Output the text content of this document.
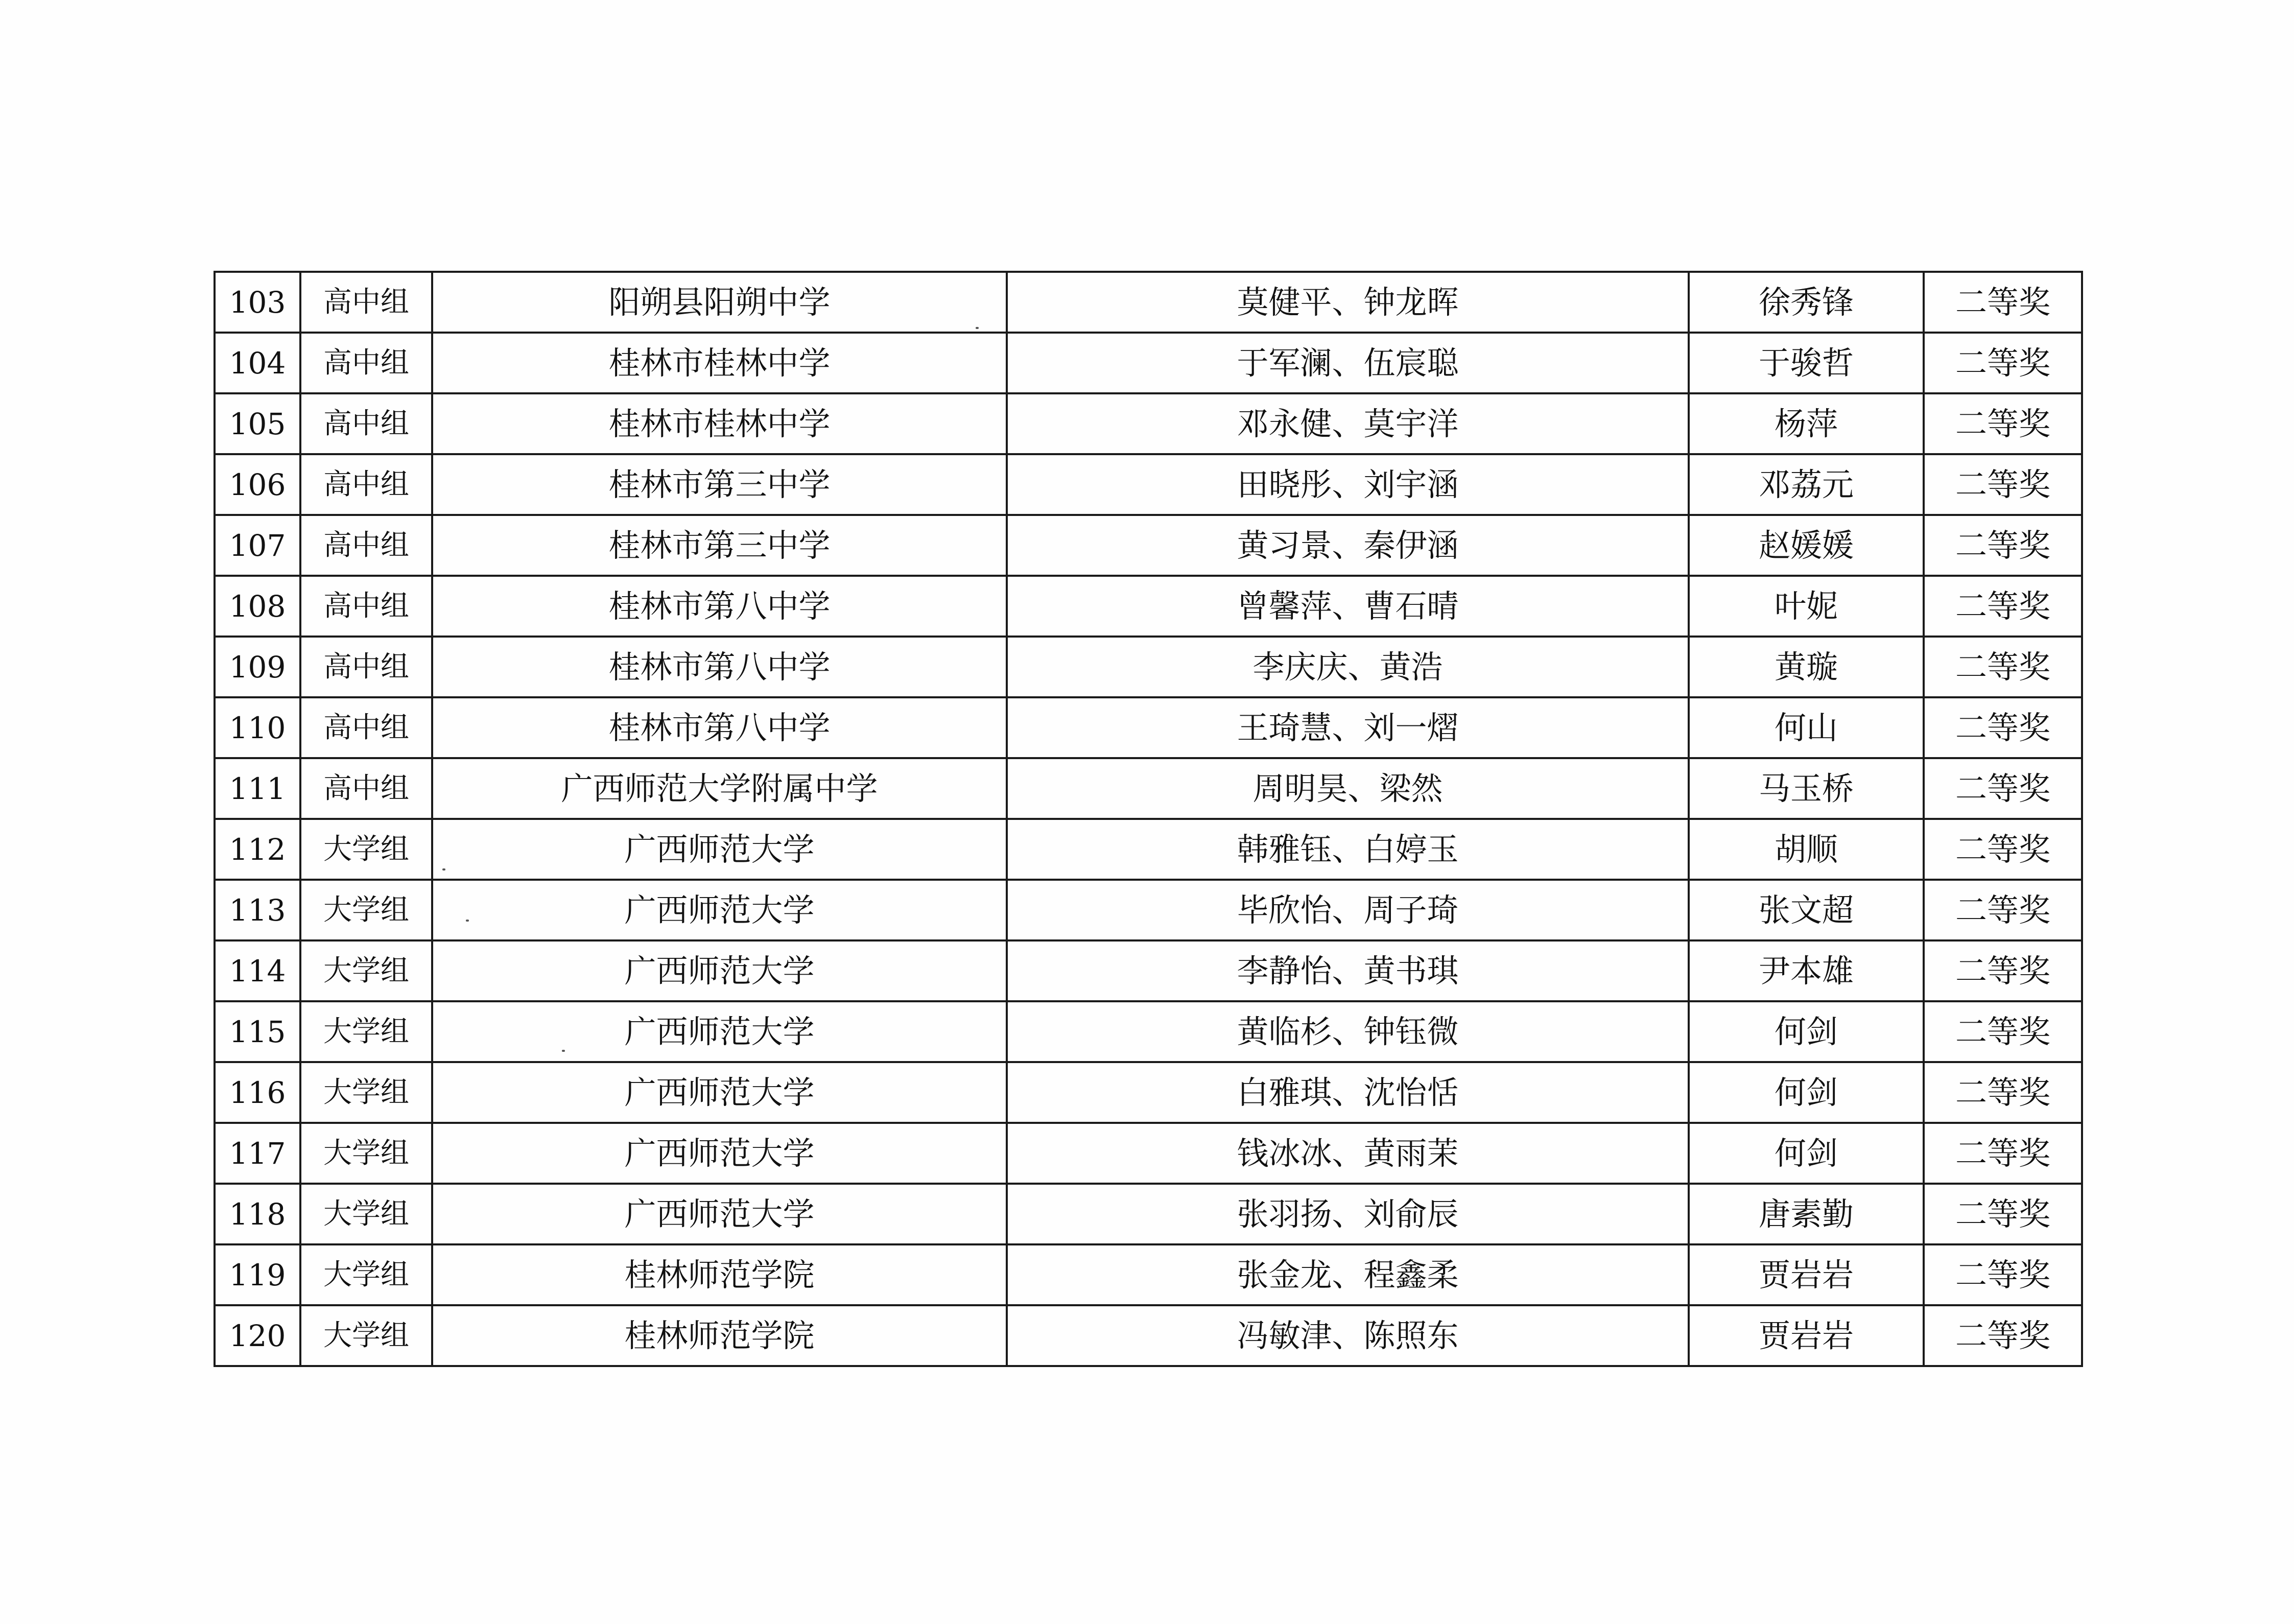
103	高中组	阳朔县阳朔中学	莫健平、钟龙晖	徐秀锋	二等奖
104	高中组	桂林市桂林中学	于军澜、伍宸聪	于骏哲	二等奖
105	高中组	桂林市桂林中学	邓永健、莫宇洋	杨萍	二等奖
106	高中组	桂林市第三中学	田晓彤、刘宇涵	邓荔元	二等奖
107	高中组	桂林市第三中学	黄习景、秦伊涵	赵媛媛	二等奖
108	高中组	桂林市第八中学	曾馨萍、曹石晴	叶妮	二等奖
109	高中组	桂林市第八中学	李庆庆、黄浩	黄璇	二等奖
110	高中组	桂林市第八中学	王琦慧、刘一熠	何山	二等奖
111	高中组	广西师范大学附属中学	周明昊、梁然	马玉桥	二等奖
112	大学组	广西师范大学	韩雅钰、白婷玉	胡顺	二等奖
113	大学组	广西师范大学	毕欣怡、周子琦	张文超	二等奖
114	大学组	广西师范大学	李静怡、黄书琪	尹本雄	二等奖
115	大学组	广西师范大学	黄临杉、钟钰微	何剑	二等奖
116	大学组	广西师范大学	白雅琪、沈怡恬	何剑	二等奖
117	大学组	广西师范大学	钱冰冰、黄雨茉	何剑	二等奖
118	大学组	广西师范大学	张羽扬、刘俞辰	唐素勤	二等奖
119	大学组	桂林师范学院	张金龙、程鑫柔	贾岩岩	二等奖
120	大学组	桂林师范学院	冯敏津、陈照东	贾岩岩	二等奖
